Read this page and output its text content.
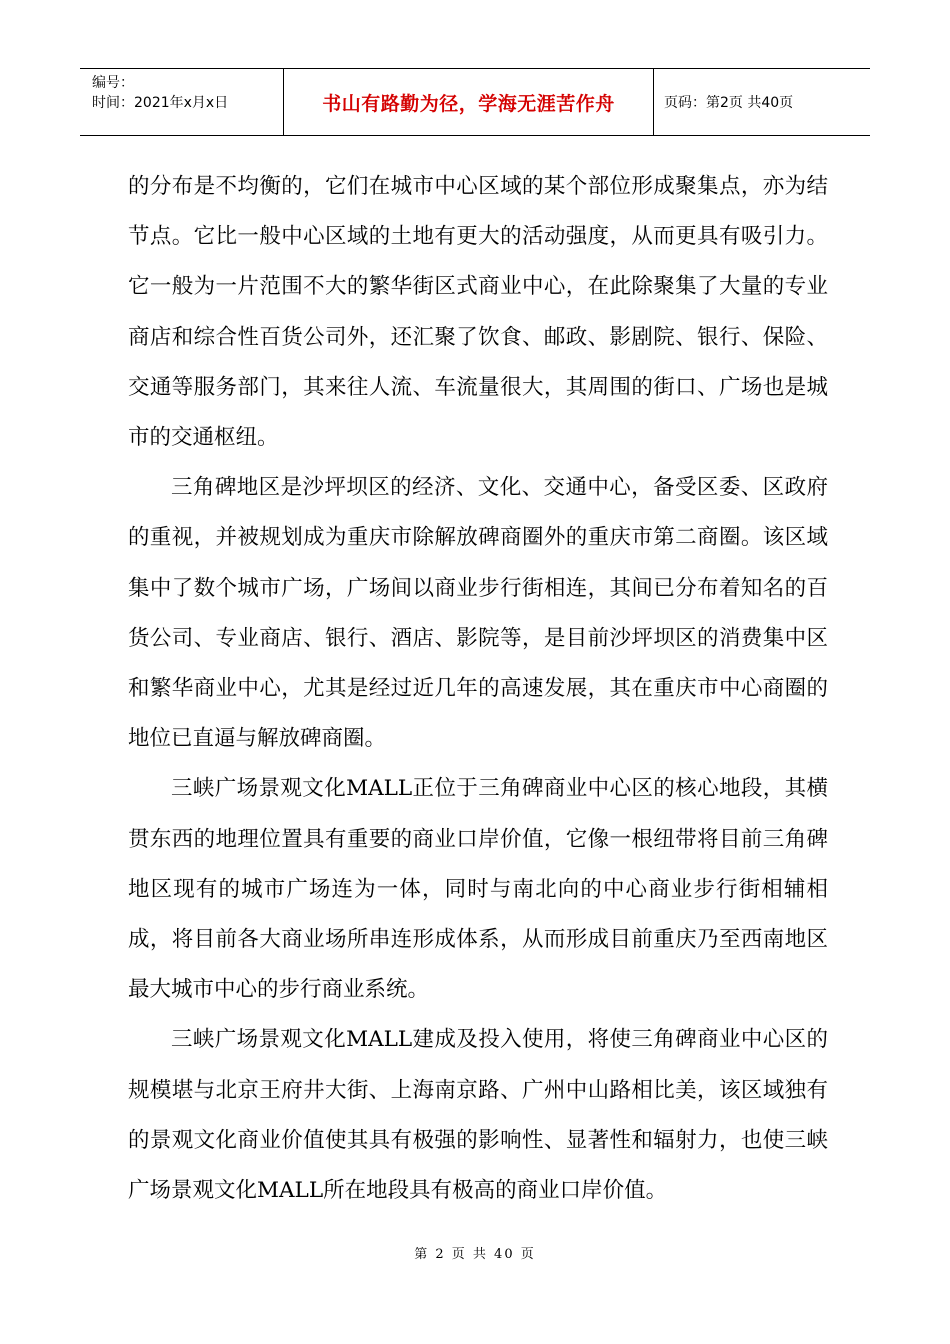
编号：
时间：2021年x月x日	书山有路勤为径，学海无涯苦作舟	页码：第2页 共40页

的分布是不均衡的，它们在城市中心区域的某个部位形成聚集点，亦为结节点。它比一般中心区域的土地有更大的活动强度，从而更具有吸引力。它一般为一片范围不大的繁华街区式商业中心，在此除聚集了大量的专业商店和综合性百货公司外，还汇聚了饮食、邮政、影剧院、银行、保险、交通等服务部门，其来往人流、车流量很大，其周围的街口、广场也是城市的交通枢纽。

三角碑地区是沙坪坝区的经济、文化、交通中心，备受区委、区政府的重视，并被规划成为重庆市除解放碑商圈外的重庆市第二商圈。该区域集中了数个城市广场，广场间以商业步行街相连，其间已分布着知名的百货公司、专业商店、银行、酒店、影院等，是目前沙坪坝区的消费集中区和繁华商业中心，尤其是经过近几年的高速发展，其在重庆市中心商圈的地位已直逼与解放碑商圈。

三峡广场景观文化MALL正位于三角碑商业中心区的核心地段，其横贯东西的地理位置具有重要的商业口岸价值，它像一根纽带将目前三角碑地区现有的城市广场连为一体，同时与南北向的中心商业步行街相辅相成，将目前各大商业场所串连形成体系，从而形成目前重庆乃至西南地区最大城市中心的步行商业系统。

三峡广场景观文化MALL建成及投入使用，将使三角碑商业中心区的规模堪与北京王府井大街、上海南京路、广州中山路相比美，该区域独有的景观文化商业价值使其具有极强的影响性、显著性和辐射力，也使三峡广场景观文化MALL所在地段具有极高的商业口岸价值。

第 2 页 共 40 页
